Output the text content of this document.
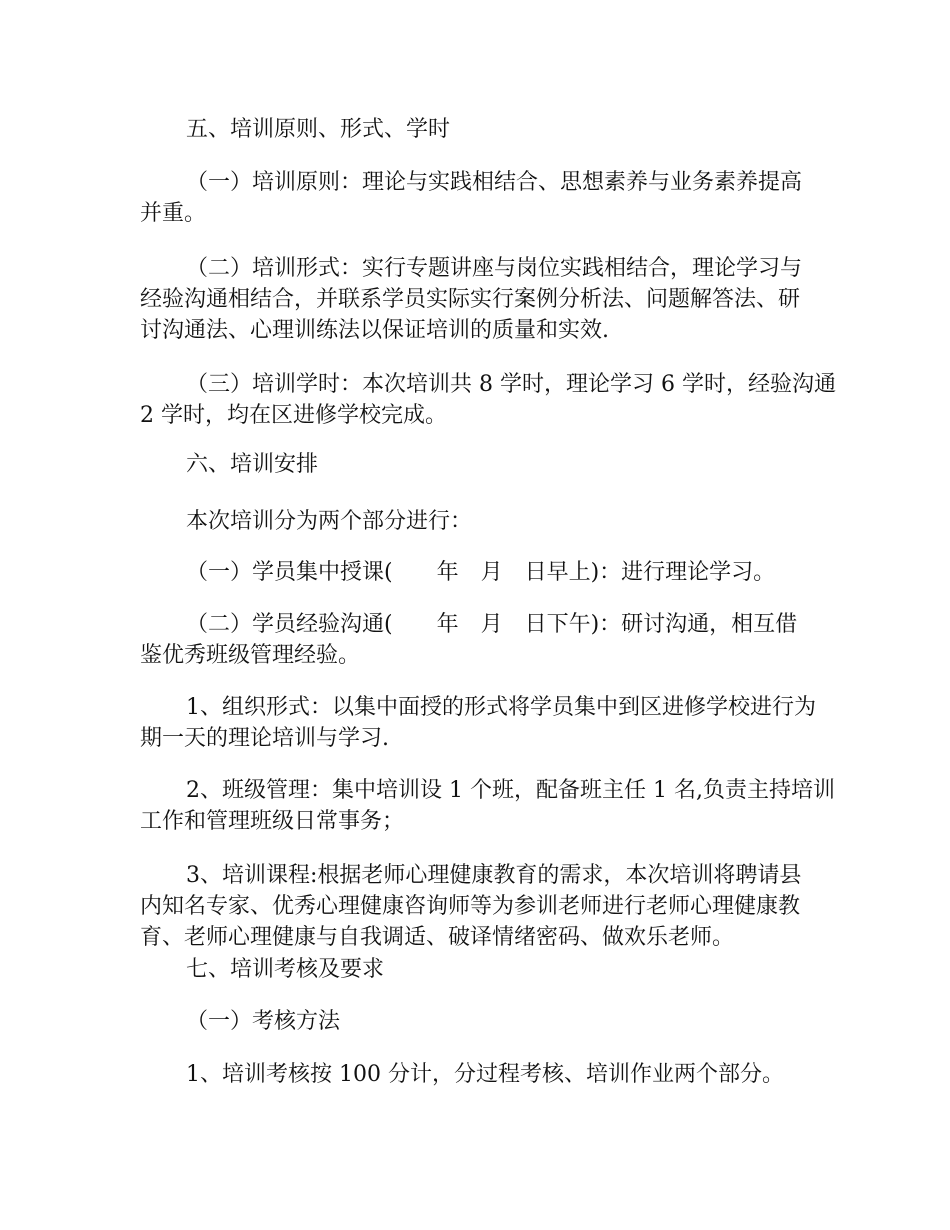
五、培训原则、形式、学时
（一）培训原则：理论与实践相结合、思想素养与业务素养提高
并重。
（二）培训形式：实行专题讲座与岗位实践相结合，理论学习与
经验沟通相结合，并联系学员实际实行案例分析法、问题解答法、研
讨沟通法、心理训练法以保证培训的质量和实效.
（三）培训学时：本次培训共 8 学时，理论学习 6 学时，经验沟通
2 学时，均在区进修学校完成。
六、培训安排
本次培训分为两个部分进行：
（一）学员集中授课(　　年　月　日早上)：进行理论学习。
（二）学员经验沟通(　　年　月　日下午)：研讨沟通，相互借
鉴优秀班级管理经验。
1、组织形式：以集中面授的形式将学员集中到区进修学校进行为
期一天的理论培训与学习.
2、班级管理：集中培训设 1 个班，配备班主任 1 名,负责主持培训
工作和管理班级日常事务；
3、培训课程:根据老师心理健康教育的需求，本次培训将聘请县
内知名专家、优秀心理健康咨询师等为参训老师进行老师心理健康教
育、老师心理健康与自我调适、破译情绪密码、做欢乐老师。
七、培训考核及要求
（一）考核方法
1、培训考核按 100 分计，分过程考核、培训作业两个部分。
